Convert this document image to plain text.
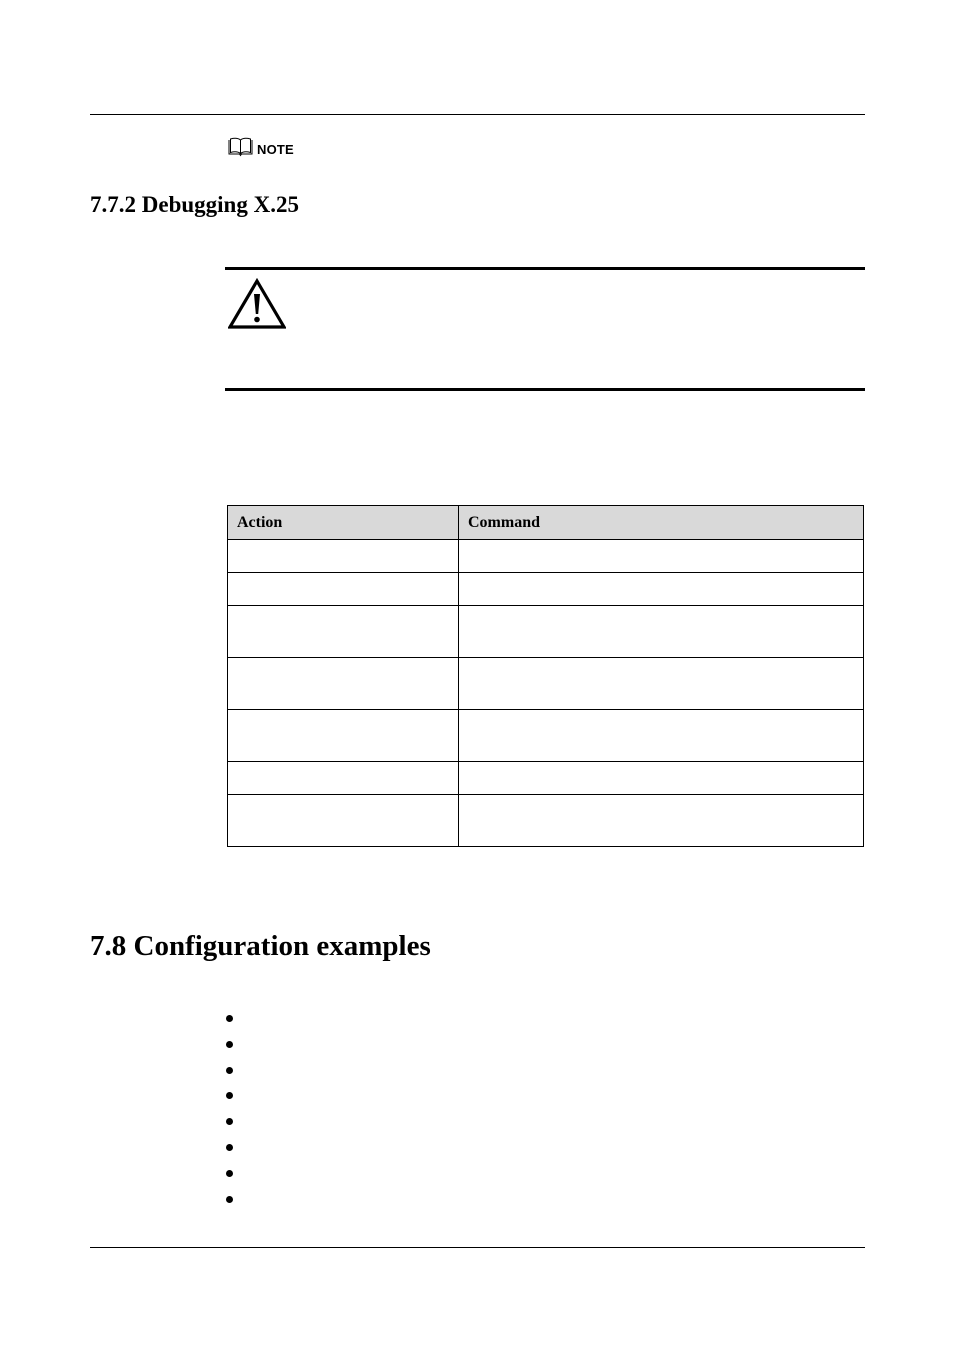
NOTE
7.7.2 Debugging X.25
Action	Command

7.8 Configuration examples
